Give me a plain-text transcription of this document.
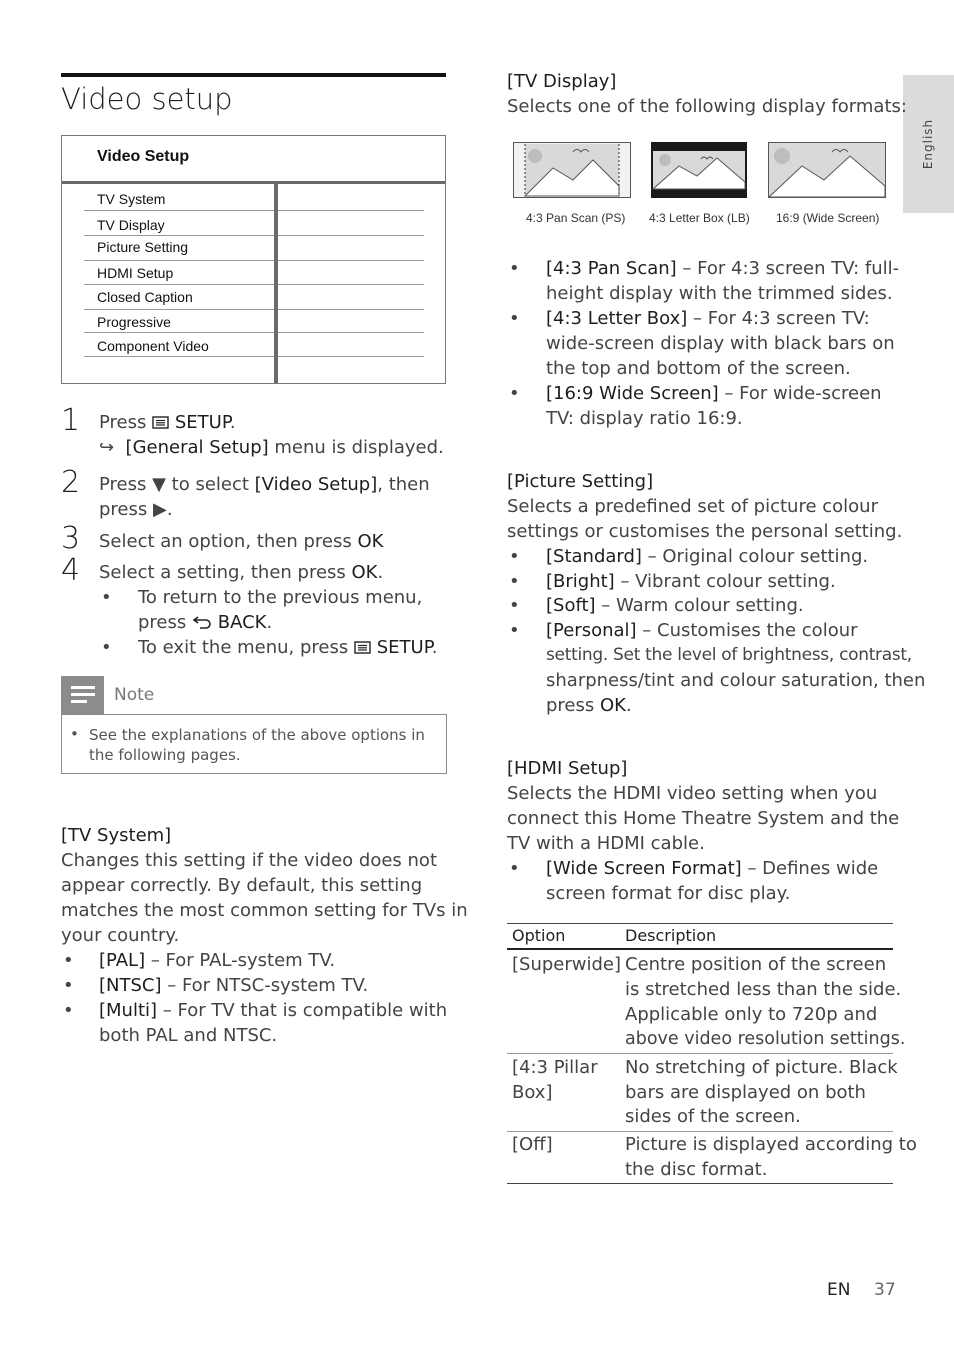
English
Video setup
Video Setup
TV System
TV Display
Picture Setting
HDMI Setup
Closed Caption
Progressive
Component Video
1 Press  SETUP.
↪ [General Setup] menu is displayed.
2 Press ▼ to select [Video Setup], then
press ▶.
3 Select an option, then press OK
4 Select a setting, then press OK.
• To return to the previous menu,
press  BACK.
• To exit the menu, press  SETUP.
Note
• See the explanations of the above options in the following pages.
[TV System]
Changes this setting if the video does not
appear correctly. By default, this setting
matches the most common setting for TVs in
your country.
• [PAL] – For PAL-system TV.
• [NTSC] – For NTSC-system TV.
• [Multi] – For TV that is compatible with
both PAL and NTSC.
[TV Display]
Selects one of the following display formats:
4:3 Pan Scan (PS) 4:3 Letter Box (LB) 16:9 (Wide Screen)
• [4:3 Pan Scan] – For 4:3 screen TV: full-
height display with the trimmed sides.
• [4:3 Letter Box] – For 4:3 screen TV:
wide-screen display with black bars on
the top and bottom of the screen.
• [16:9 Wide Screen] – For wide-screen
TV: display ratio 16:9.
[Picture Setting]
Selects a predefined set of picture colour
settings or customises the personal setting.
• [Standard] – Original colour setting.
• [Bright] – Vibrant colour setting.
• [Soft] – Warm colour setting.
• [Personal] – Customises the colour
setting. Set the level of brightness, contrast,
sharpness/tint and colour saturation, then
press OK.
[HDMI Setup]
Selects the HDMI video setting when you
connect this Home Theatre System and the
TV with a HDMI cable.
• [Wide Screen Format] – Defines wide
screen format for disc play.
Option	Description
[Superwide] Centre position of the screen
is stretched less than the side.
Applicable only to 720p and
above video resolution settings.
[4:3 Pillar
Box]
No stretching of picture. Black
bars are displayed on both
sides of the screen.
[Off]	Picture is displayed according to
the disc format.
EN 37
